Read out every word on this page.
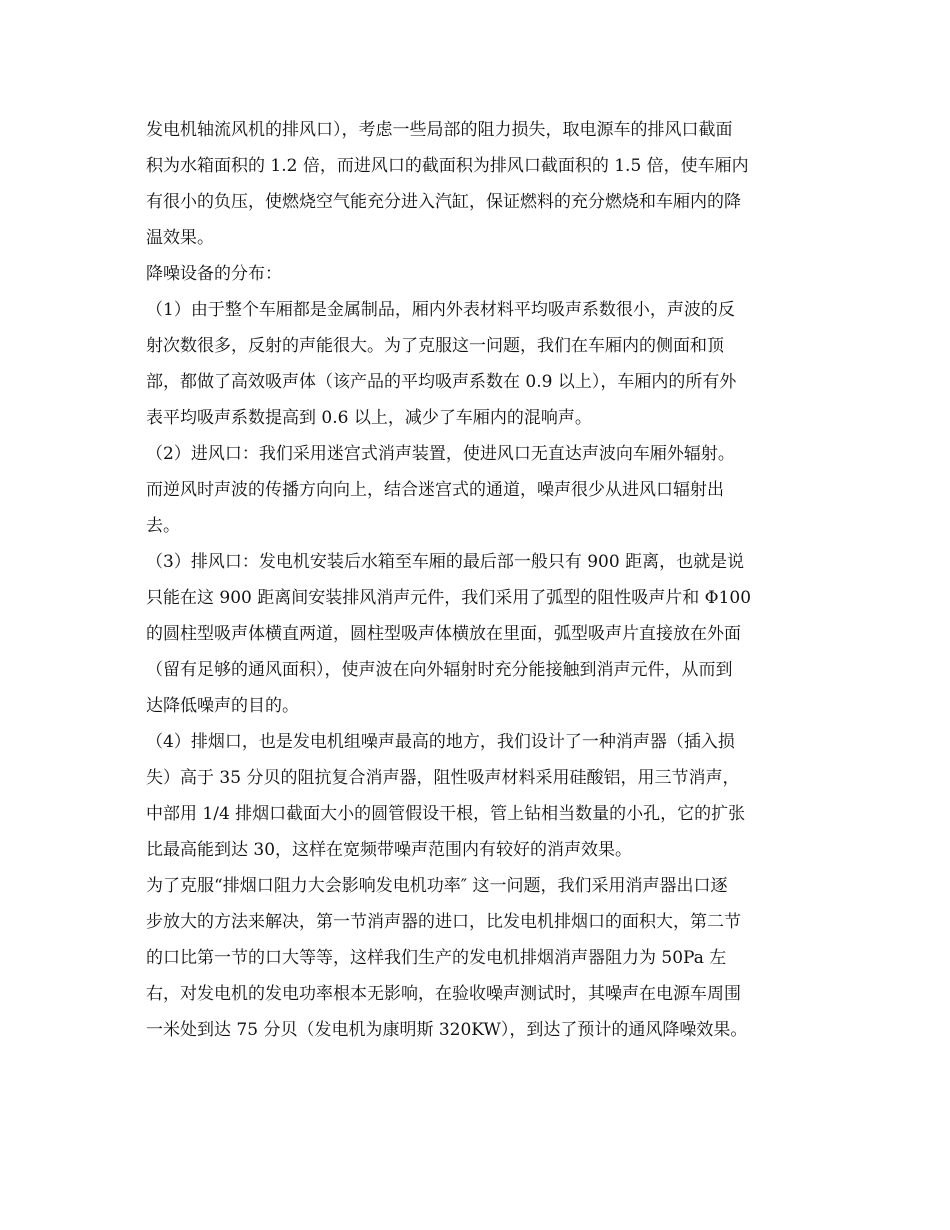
发电机轴流风机的排风口），考虑一些局部的阻力损失，取电源车的排风口截面
积为水箱面积的 1.2 倍，而进风口的截面积为排风口截面积的 1.5 倍，使车厢内
有很小的负压，使燃烧空气能充分进入汽缸，保证燃料的充分燃烧和车厢内的降
温效果。
降噪设备的分布：
（1）由于整个车厢都是金属制品，厢内外表材料平均吸声系数很小，声波的反
射次数很多，反射的声能很大。为了克服这一问题，我们在车厢内的侧面和顶
部，都做了高效吸声体（该产品的平均吸声系数在 0.9 以上），车厢内的所有外
表平均吸声系数提高到 0.6 以上，减少了车厢内的混响声。
（2）进风口：我们采用迷宫式消声装置，使进风口无直达声波向车厢外辐射。
而逆风时声波的传播方向向上，结合迷宫式的通道，噪声很少从进风口辐射出
去。
（3）排风口：发电机安装后水箱至车厢的最后部一般只有 900 距离，也就是说
只能在这 900 距离间安装排风消声元件，我们采用了弧型的阻性吸声片和 Φ100
的圆柱型吸声体横直两道，圆柱型吸声体横放在里面，弧型吸声片直接放在外面
（留有足够的通风面积），使声波在向外辐射时充分能接触到消声元件，从而到
达降低噪声的目的。
（4）排烟口，也是发电机组噪声最高的地方，我们设计了一种消声器（插入损
失）高于 35 分贝的阻抗复合消声器，阻性吸声材料采用硅酸铝，用三节消声，
中部用 1/4 排烟口截面大小的圆管假设干根，管上钻相当数量的小孔，它的扩张
比最高能到达 30，这样在宽频带噪声范围内有较好的消声效果。
为了克服“排烟口阻力大会影响发电机功率″ 这一问题，我们采用消声器出口逐
步放大的方法来解决，第一节消声器的进口，比发电机排烟口的面积大，第二节
的口比第一节的口大等等，这样我们生产的发电机排烟消声器阻力为 50Pa 左
右，对发电机的发电功率根本无影响，在验收噪声测试时，其噪声在电源车周围
一米处到达 75 分贝（发电机为康明斯 320KW），到达了预计的通风降噪效果。
